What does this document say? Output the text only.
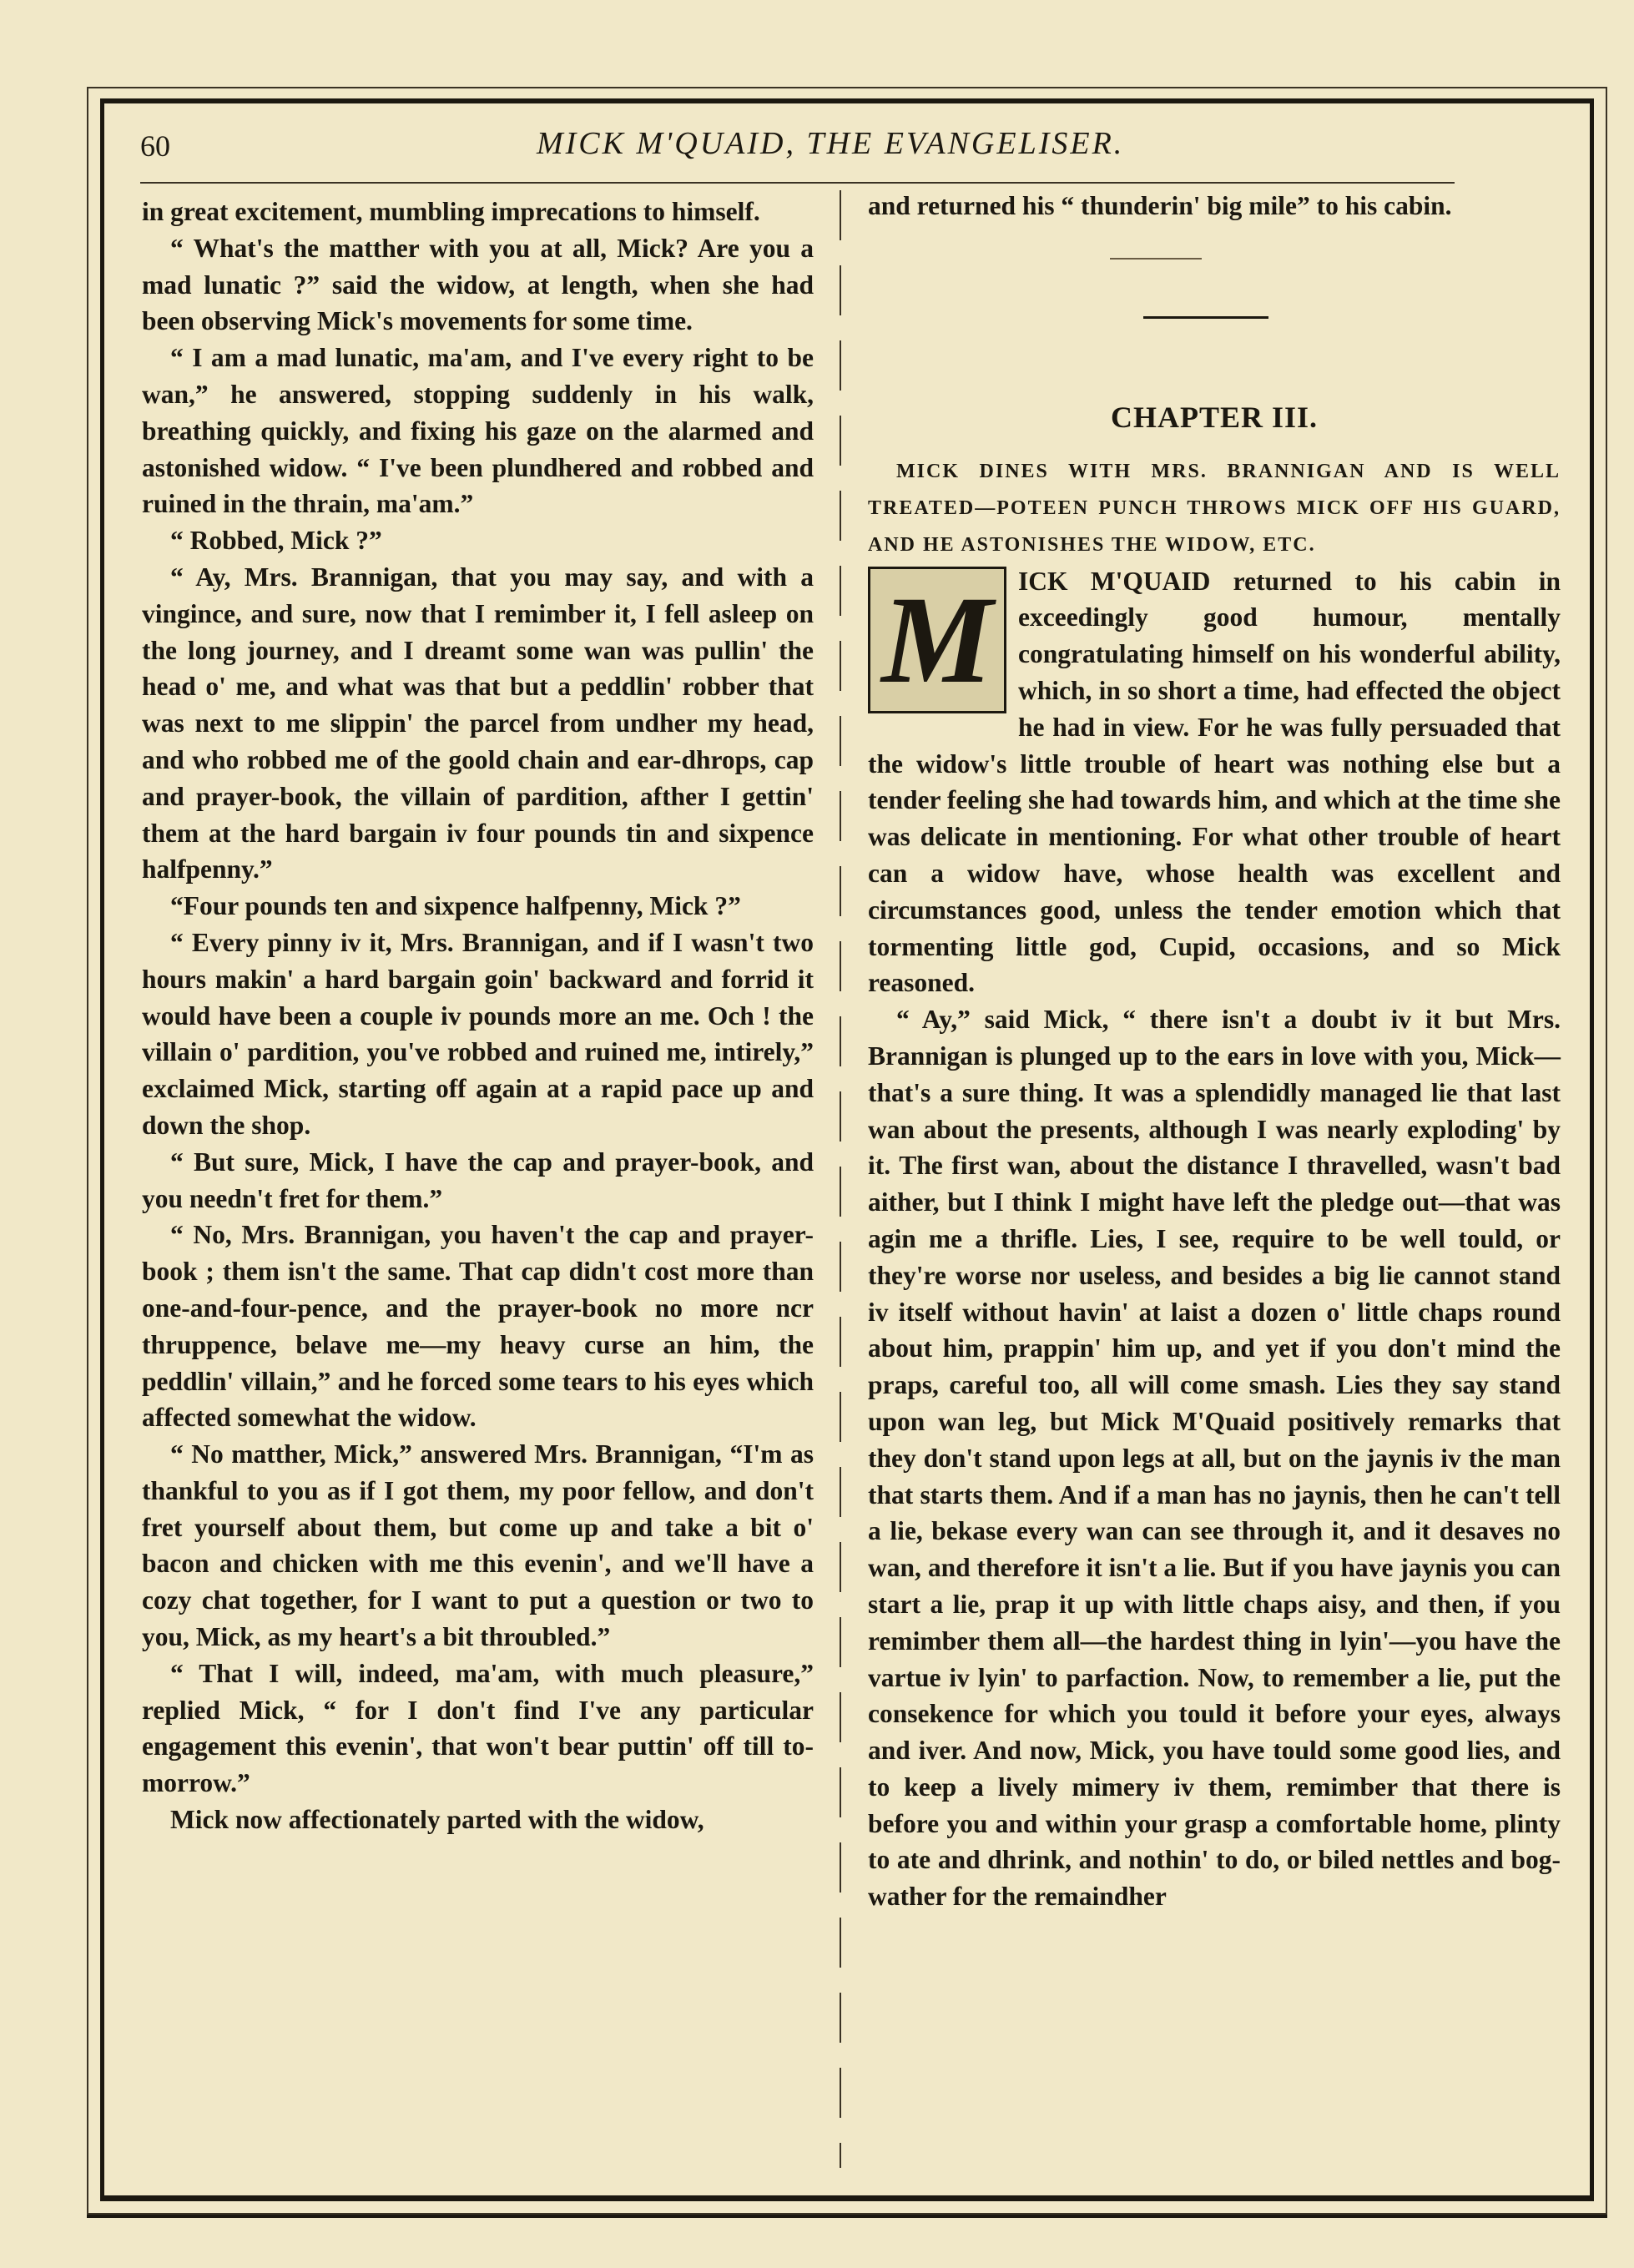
60	MICK M'QUAID, THE EVANGELISER.

in great excitement, mumbling imprecations to himself.

“ What's the matther with you at all, Mick? Are you a mad lunatic ?” said the widow, at length, when she had been observing Mick's movements for some time.

“ I am a mad lunatic, ma'am, and I've every right to be wan,” he answered, stopping suddenly in his walk, breathing quickly, and fixing his gaze on the alarmed and astonished widow. “ I've been plundhered and robbed and ruined in the thrain, ma'am.”

“ Robbed, Mick ?”

“ Ay, Mrs. Brannigan, that you may say, and with a vingince, and sure, now that I remimber it, I fell asleep on the long journey, and I dreamt some wan was pullin' the head o' me, and what was that but a peddlin' robber that was next to me slippin' the parcel from undher my head, and who robbed me of the goold chain and ear-dhrops, cap and prayer-book, the villain of pardition, afther I gettin' them at the hard bargain iv four pounds tin and sixpence halfpenny.”

“Four pounds ten and sixpence halfpenny, Mick ?”

“ Every pinny iv it, Mrs. Brannigan, and if I wasn't two hours makin' a hard bargain goin' backward and forrid it would have been a couple iv pounds more an me. Och ! the villain o' pardition, you've robbed and ruined me, intirely,” exclaimed Mick, starting off again at a rapid pace up and down the shop.

“ But sure, Mick, I have the cap and prayer-book, and you needn't fret for them.”

“ No, Mrs. Brannigan, you haven't the cap and prayer-book ; them isn't the same. That cap didn't cost more than one-and-four-pence, and the prayer-book no more ncr thruppence, belave me—my heavy curse an him, the peddlin' villain,” and he forced some tears to his eyes which affected somewhat the widow.

“ No matther, Mick,” answered Mrs. Brannigan, “I'm as thankful to you as if I got them, my poor fellow, and don't fret yourself about them, but come up and take a bit o' bacon and chicken with me this evenin', and we'll have a cozy chat together, for I want to put a question or two to you, Mick, as my heart's a bit throubled.”

“ That I will, indeed, ma'am, with much pleasure,” replied Mick, “ for I don't find I've any particular engagement this evenin', that won't bear puttin' off till to-morrow.”

Mick now affectionately parted with the widow,

and returned his “ thunderin' big mile” to his cabin.

CHAPTER III.

MICK DINES WITH MRS. BRANNIGAN AND IS WELL TREATED—POTEEN PUNCH THROWS MICK OFF HIS GUARD, AND HE ASTONISHES THE WIDOW, ETC.

M ICK M'QUAID returned to his cabin in exceedingly good humour, mentally congratulating himself on his wonderful ability, which, in so short a time, had effected the object he had in view. For he was fully persuaded that the widow's little trouble of heart was nothing else but a tender feeling she had towards him, and which at the time she was delicate in mentioning. For what other trouble of heart can a widow have, whose health was excellent and circumstances good, unless the tender emotion which that tormenting little god, Cupid, occasions, and so Mick reasoned.

“ Ay,” said Mick, “ there isn't a doubt iv it but Mrs. Brannigan is plunged up to the ears in love with you, Mick—that's a sure thing. It was a splendidly managed lie that last wan about the presents, although I was nearly exploding' by it. The first wan, about the distance I thravelled, wasn't bad aither, but I think I might have left the pledge out—that was agin me a thrifle. Lies, I see, require to be well tould, or they're worse nor useless, and besides a big lie cannot stand iv itself without havin' at laist a dozen o' little chaps round about him, prappin' him up, and yet if you don't mind the praps, careful too, all will come smash. Lies they say stand upon wan leg, but Mick M'Quaid positively remarks that they don't stand upon legs at all, but on the jaynis iv the man that starts them. And if a man has no jaynis, then he can't tell a lie, bekase every wan can see through it, and it desaves no wan, and therefore it isn't a lie. But if you have jaynis you can start a lie, prap it up with little chaps aisy, and then, if you remimber them all—the hardest thing in lyin'—you have the vartue iv lyin' to parfaction. Now, to remember a lie, put the consekence for which you tould it before your eyes, always and iver. And now, Mick, you have tould some good lies, and to keep a lively mimery iv them, remimber that there is before you and within your grasp a comfortable home, plinty to ate and dhrink, and nothin' to do, or biled nettles and bog-wather for the remaindher
